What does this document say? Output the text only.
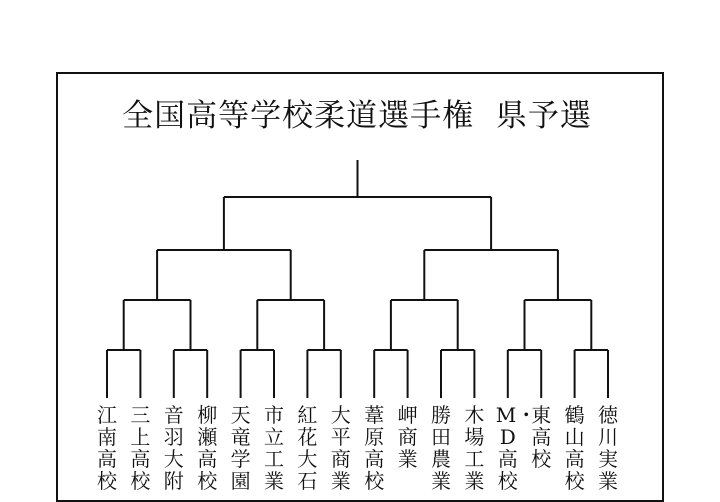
全国高等学校柔道選手権  県予選
江南高校
三上高校
音羽大附
柳瀬高校
天竜学園
市立工業
紅花大石
大平商業
葦原高校
岬商業
勝田農業
木場工業
M・D高校
東高校
鶴山高校
徳川実業
